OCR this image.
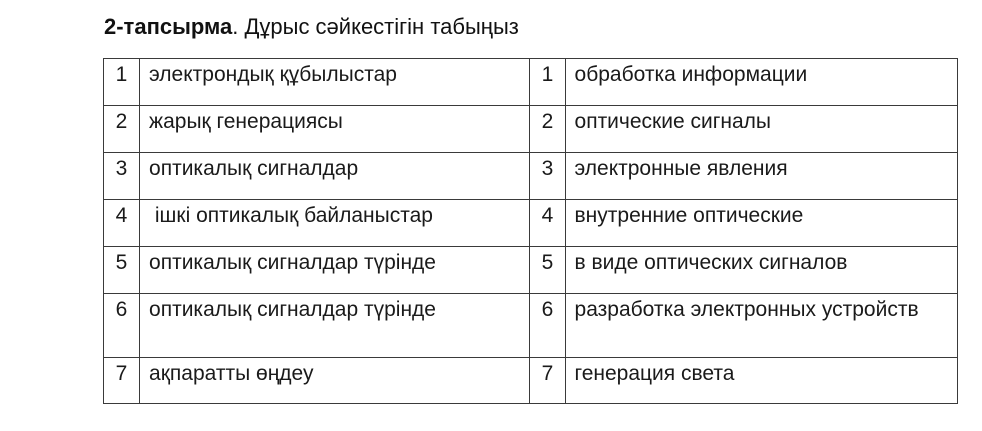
2-тапсырма. Дұрыс сәйкестігін табыңыз
1	электрондық құбылыстар	1	обработка информации
2	жарық генерациясы	2	оптические сигналы
3	оптикалық сигналдар	3	электронные явления
4	ішкі оптикалық байланыстар	4	внутренние оптические
5	оптикалық сигналдар түрінде	5	в виде оптических сигналов
6	оптикалық сигналдар түрінде	6	разработка электронных устройств
7	ақпаратты өңдеу	7	генерация света
